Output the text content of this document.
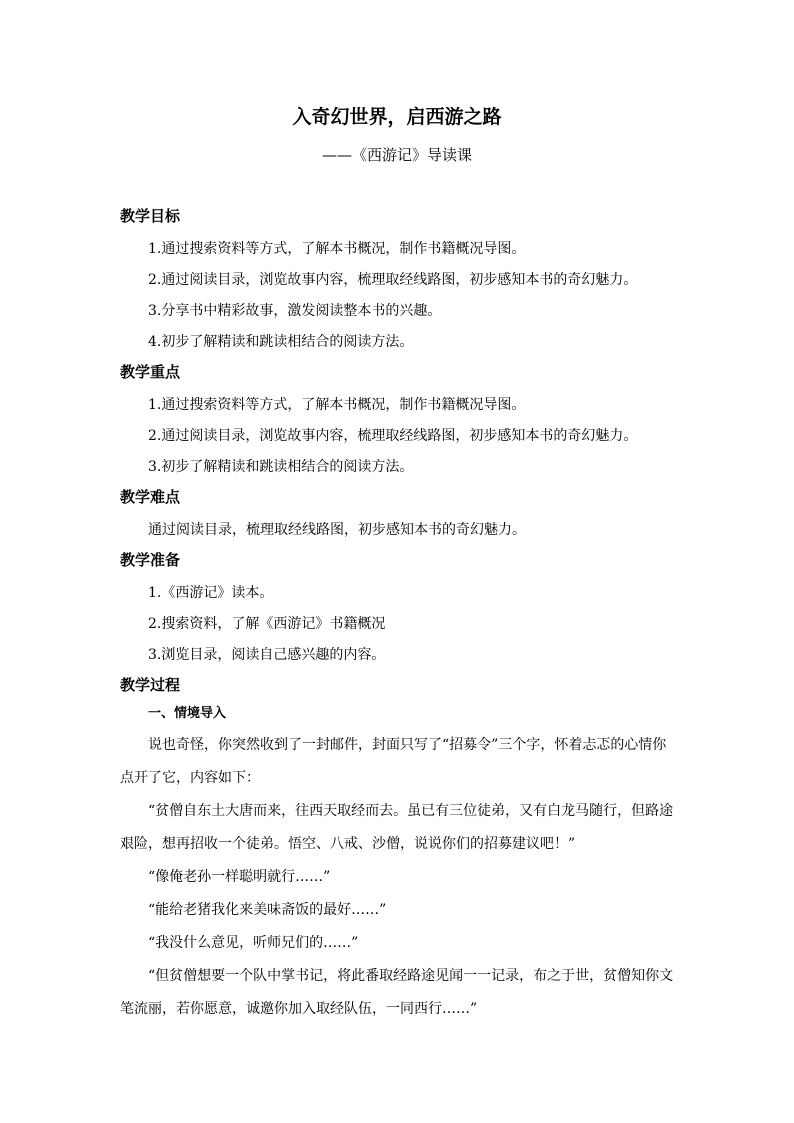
入奇幻世界，启西游之路
——《西游记》导读课
教学目标
1.通过搜索资料等方式，了解本书概况，制作书籍概况导图。
2.通过阅读目录，浏览故事内容，梳理取经线路图，初步感知本书的奇幻魅力。
3.分享书中精彩故事，激发阅读整本书的兴趣。
4.初步了解精读和跳读相结合的阅读方法。
教学重点
1.通过搜索资料等方式，了解本书概况，制作书籍概况导图。
2.通过阅读目录，浏览故事内容，梳理取经线路图，初步感知本书的奇幻魅力。
3.初步了解精读和跳读相结合的阅读方法。
教学难点
通过阅读目录，梳理取经线路图，初步感知本书的奇幻魅力。
教学准备
1.《西游记》读本。
2.搜索资料，了解《西游记》书籍概况
3.浏览目录，阅读自己感兴趣的内容。
教学过程
一、情境导入
说也奇怪，你突然收到了一封邮件，封面只写了“招募令”三个字，怀着忐忑的心情你
点开了它，内容如下：
“贫僧自东土大唐而来，往西天取经而去。虽已有三位徒弟，又有白龙马随行，但路途
艰险，想再招收一个徒弟。悟空、八戒、沙僧，说说你们的招募建议吧！”
“像俺老孙一样聪明就行……”
“能给老猪我化来美味斋饭的最好……”
“我没什么意见，听师兄们的……”
“但贫僧想要一个队中掌书记，将此番取经路途见闻一一记录，布之于世，贫僧知你文
笔流丽，若你愿意，诚邀你加入取经队伍，一同西行……”
